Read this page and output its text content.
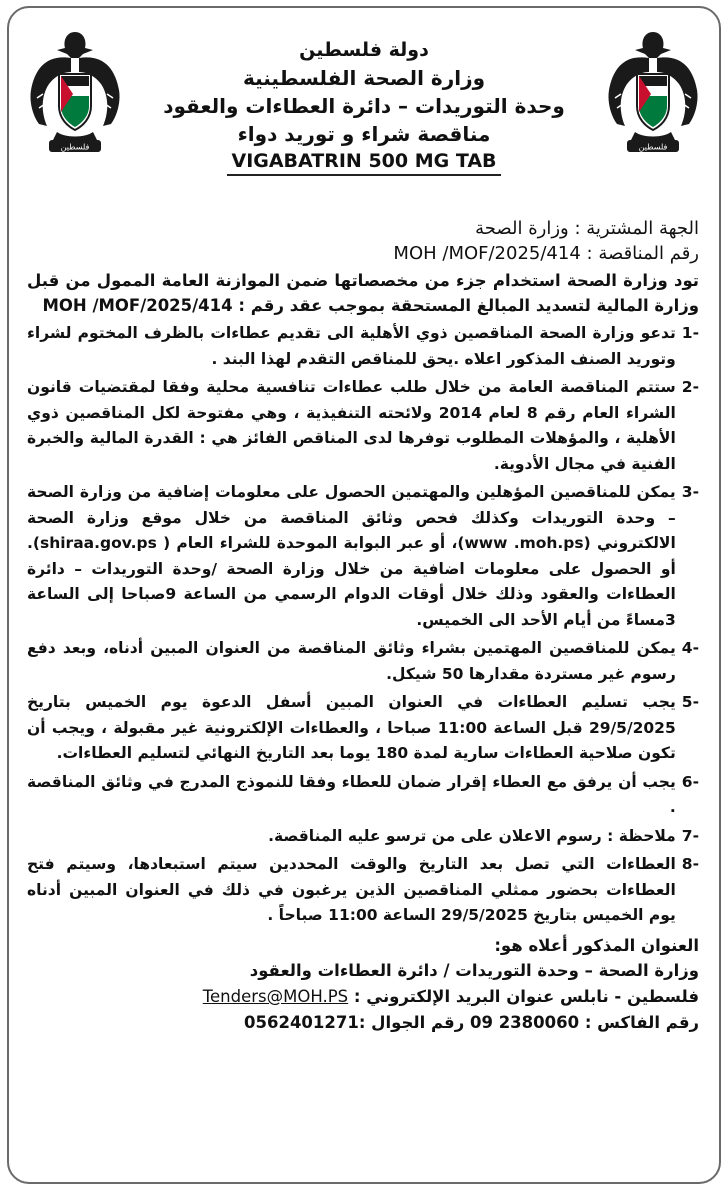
فلسطين	فلسطين
دولة فلسطين
وزارة الصحة الفلسطينية
وحدة التوريدات – دائرة العطاءات والعقود
مناقصة شراء و توريد دواء
VIGABATRIN 500 MG TAB
الجهة المشترية : وزارة الصحة
رقم المناقصة : MOH /MOF/2025/414
تود وزارة الصحة استخدام جزء من مخصصاتها ضمن الموازنة العامة الممول من قبل وزارة المالية لتسديد المبالغ المستحقة بموجب عقد رقم : MOH /MOF/2025/414
-1
تدعو وزارة الصحة المناقصين ذوي الأهلية الى تقديم عطاءات بالظرف المختوم لشراء وتوريد الصنف المذكور اعلاه .يحق للمناقص التقدم لهذا البند .
-2
ستتم المناقصة العامة من خلال طلب عطاءات تنافسية محلية وفقا لمقتضيات قانون الشراء العام رقم 8 لعام 2014 ولائحته التنفيذية ، وهي مفتوحة لكل المناقصين ذوي الأهلية ، والمؤهلات المطلوب توفرها لدى المناقص الفائز هي : القدرة المالية والخبرة الفنية في مجال الأدوية.
-3
يمكن للمناقصين المؤهلين والمهتمين الحصول على معلومات إضافية من وزارة الصحة – وحدة التوريدات وكذلك فحص وثائق المناقصة من خلال موقع وزارة الصحة الالكتروني (www .moh.ps)، أو عبر البوابة الموحدة للشراء العام ( shiraa.gov.ps). أو الحصول على معلومات اضافية من خلال وزارة الصحة /وحدة التوريدات – دائرة العطاءات والعقود وذلك خلال أوقات الدوام الرسمي من الساعة 9صباحا إلى الساعة 3مساءً من أيام الأحد الى الخميس.
-4
يمكن للمناقصين المهتمين بشراء وثائق المناقصة من العنوان المبين أدناه، وبعد دفع رسوم غير مستردة مقدارها 50 شيكل.
-5
يجب تسليم العطاءات في العنوان المبين أسفل الدعوة يوم الخميس بتاريخ 29/5/2025 قبل الساعة 11:00 صباحا ، والعطاءات الإلكترونية غير مقبولة ، ويجب أن تكون صلاحية العطاءات سارية لمدة 180 يوما بعد التاريخ النهائي لتسليم العطاءات.
-6
يجب أن يرفق مع العطاء إقرار ضمان للعطاء وفقا للنموذج المدرج في وثائق المناقصة .
-7
ملاحظة : رسوم الاعلان على من ترسو عليه المناقصة.
-8
العطاءات التي تصل بعد التاريخ والوقت المحددين سيتم استبعادها، وسيتم فتح العطاءات بحضور ممثلي المناقصين الذين يرغبون في ذلك في العنوان المبين أدناه يوم الخميس بتاريخ 29/5/2025 الساعة 11:00 صباحاً .
العنوان المذكور أعلاه هو:
وزارة الصحة – وحدة التوريدات / دائرة العطاءات والعقود
فلسطين - نابلس عنوان البريد الإلكتروني : Tenders@MOH.PS
رقم الفاكس : 2380060 09 رقم الجوال :0562401271
